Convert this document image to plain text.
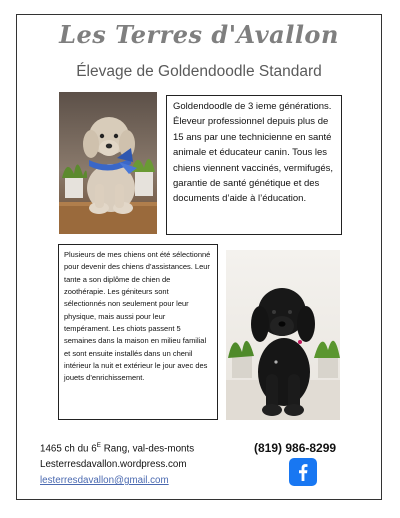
Les Terres d'Avallon
Élevage de Goldendoodle Standard
Goldendoodle de 3 ieme générations. Éleveur professionnel depuis plus de 15 ans par une technicienne en santé animale et éducateur canin. Tous les chiens viennent vaccinés, vermifugés, garantie de santé génétique et des documents d’aide à l’éducation.
Plusieurs de mes chiens ont été sélectionné pour devenir des chiens d’assistances. Leur tante a son diplôme de chien de zoothérapie. Les géniteurs sont sélectionnés non seulement pour leur physique, mais aussi pour leur tempérament. Les chiots passent 5 semaines dans la maison en milieu familial et sont ensuite installés dans un chenil intérieur la nuit et extérieur le jour avec des jouets d’enrichissement.
1465 ch du $6^E$ Rang, val-des-monts
Lesterresdavallon.wordpress.com
lesterresdavallon@gmail.com
(819) 986-8299
